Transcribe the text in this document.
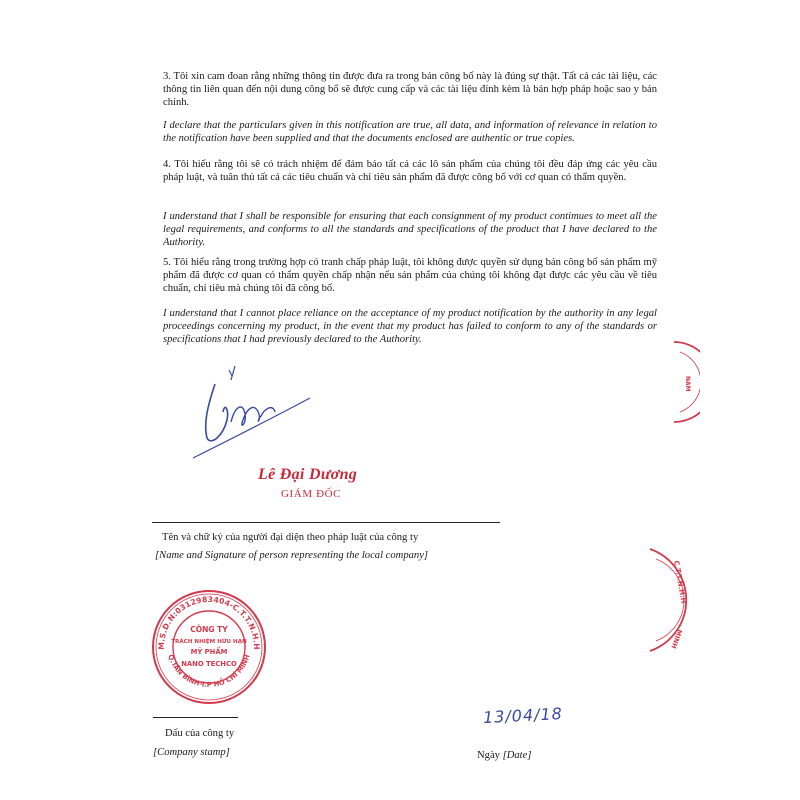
3. Tôi xin cam đoan rằng những thông tin được đưa ra trong bản công bố này là đúng sự thật. Tất cả các tài liệu, các thông tin liên quan đến nội dung công bố sẽ được cung cấp và các tài liệu đính kèm là bản hợp pháp hoặc sao y bản chính.

I declare that the particulars given in this notification are true, all data, and information of relevance in relation to the notification have been supplied and that the documents enclosed are authentic or true copies.

4. Tôi hiểu rằng tôi sẽ có trách nhiệm để đảm bảo tất cả các lô sản phẩm của chúng tôi đều đáp ứng các yêu cầu pháp luật, và tuân thủ tất cả các tiêu chuẩn và chỉ tiêu sản phẩm đã được công bố với cơ quan có thẩm quyền.

I understand that I shall be responsible for ensuring that each consignment of my product contimues to meet all the legal requirements, and conforms to all the standards and specifications of the product that I have declared to the Authority.

5. Tôi hiểu rằng trong trường hợp có tranh chấp pháp luật, tôi không được quyền sử dụng bản công bố sản phẩm mỹ phẩm đã được cơ quan có thẩm quyền chấp nhận nếu sản phẩm của chúng tôi không đạt được các yêu cầu về tiêu chuẩn, chỉ tiêu mà chúng tôi đã công bố.

I understand that I cannot place reliance on the acceptance of my product notification by the authority in any legal proceedings concerning my product, in the event that my product has failed to conform to any of the standards or specifications that I had previously declared to the Authority.

Lê Đại Dương
GIÁM ĐỐC
Tên và chữ ký của người đại diện theo pháp luật của công ty
[Name and Signature of person representing the local company]
M.S.D.N:0312983404-C.T.T.N.H.H
Q.TÂN BÌNH-T.P HỒ CHÍ MINH
CÔNG TY
TRÁCH NHIỆM HỮU HẠN
MỸ PHẨM
NANO TECHCO
Dấu của công ty
[Company stamp]
13/04/18
Ngày [Date]
NAM
C.T.T.N.H.H
MINH
